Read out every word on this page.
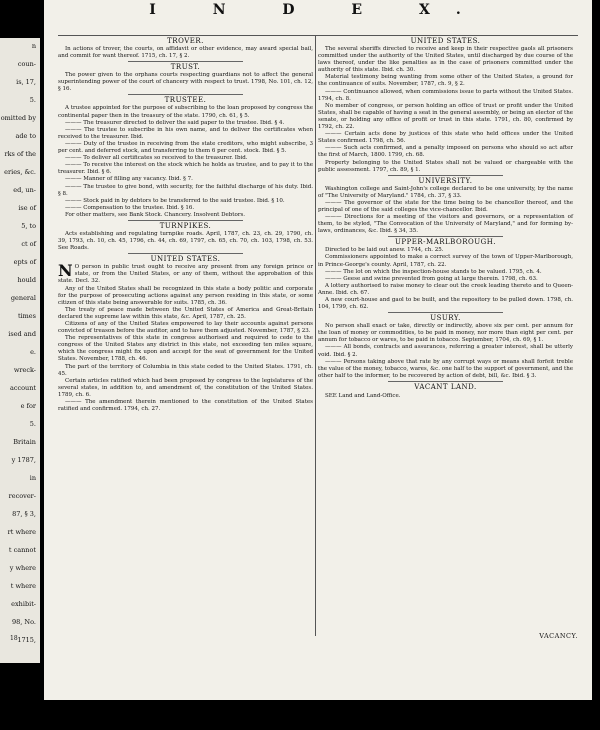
n
coun-
is, 17,
5.
omitted by
ade to
rks of the
eries, &c.
ed, un-
ise of
5, to
ct of
epts of
hould
general
times
ised and
e.
wreck-
account
e for
5.
Britain
y 1787,
in
recover-
87, § 3,
rt where
t cannot
y where
t where
exhibit-
98, No.
1715,
18
I N D E X.
TROVER.

In actions of trover, the courts, on affidavit or other evidence, may award special bail, and commit for want thereof. 1715, ch. 17, § 2.

TRUST.

The power given to the orphans courts respecting guardians not to affect the general superintending power of the court of chancery with respect to trust. 1798, No. 101, ch. 12, § 16.

TRUSTEE.

A trustee appointed for the purpose of subscribing to the loan proposed by congress the continental paper then in the treasury of the state. 1790, ch. 61, § 5.

——— The treasurer directed to deliver the said paper to the trustee. Ibid. § 4.

——— The trustee to subscribe in his own name, and to deliver the certificates when received to the treasurer. Ibid.

——— Duty of the trustee in receiving from the state creditors, who might subscribe, 3 per cent. and deferred stock, and transferring to them 6 per cent. stock. Ibid. § 5.

——— To deliver all certificates so received to the treasurer. Ibid.

——— To receive the interest on the stock which he holds as trustee, and to pay it to the treasurer. Ibid. § 6.

——— Manner of filling any vacancy. Ibid. § 7.

——— The trustee to give bond, with security, for the faithful discharge of his duty. Ibid. § 8.

——— Stock paid in by debtors to be transferred to the said trustee. Ibid. § 10.

——— Compensation to the trustee. Ibid. § 16.

For other matters, see Bank Stock. Chancery. Insolvent Debtors.

TURNPIKES.

Acts establishing and regulating turnpike roads. April, 1787, ch. 23, ch. 29, 1790, ch. 39, 1793, ch. 10, ch. 45, 1796, ch. 44, ch. 69, 1797, ch. 65, ch. 70, ch. 103, 1798, ch. 53. See Roads.

UNITED STATES.

N O person in public trust ought to receive any present from any foreign prince or state, or from the United States, or any of them, without the approbation of this state. Decl. 32.

Any of the United States shall be recognized in this state a body politic and corporate for the purpose of prosecuting actions against any person residing in this state, or some citizen of this state being answerable for suits. 1785, ch. 36.

The treaty of peace made between the United States of America and Great-Britain declared the supreme law within this state, &c. April, 1787, ch. 25.

Citizens of any of the United States empowered to lay their accounts against persons convicted of treason before the auditor, and to have them adjusted. November, 1787, § 23.

The representatives of this state in congress authorised and required to cede to the congress of the United States any district in this state, not exceeding ten miles square, which the congress might fix upon and accept for the seat of government for the United States. November, 1788, ch. 46.

The part of the territory of Columbia in this state ceded to the United States. 1791, ch. 45.

Certain articles ratified which had been proposed by congress to the legislatures of the several states, in addition to, and amendment of, the constitution of the United States. 1789, ch. 6.

——— The amendment therein mentioned to the constitution of the United States ratified and confirmed. 1794, ch. 27.

UNITED STATES.

The several sheriffs directed to receive and keep in their respective gaols all prisoners committed under the authority of the United States, until discharged by due course of the laws thereof, under the like penalties as in the case of prisoners committed under the authority of this state. Ibid. ch. 30.

Material testimony being wanting from some other of the United States, a ground for the continuance of suits. November, 1787, ch. 9, § 2.

——— Continuance allowed, when commissions issue to parts without the United States. 1794, ch. 8.

No member of congress, or person holding an office of trust or profit under the United States, shall be capable of having a seat in the general assembly, or being an elector of the senate, or holding any office of profit or trust in this state. 1791, ch. 80, confirmed by 1792, ch. 22.

——— Certain acts done by justices of this state who held offices under the United States confirmed. 1798, ch. 56.

——— Such acts confirmed, and a penalty imposed on persons who should so act after the first of March, 1800. 1799, ch. 68.

Property belonging to the United States shall not be valued or chargeable with the public assessment. 1797, ch. 89, § 1.

UNIVERSITY.

Washington college and Saint-John's college declared to be one university, by the name of "The University of Maryland." 1784, ch. 37, § 33.

——— The governor of the state for the time being to be chancellor thereof, and the principal of one of the said colleges the vice-chancellor. Ibid.

——— Directions for a meeting of the visitors and governors, or a representation of them, to be styled, "The Convocation of the University of Maryland," and for forming by-laws, ordinances, &c. Ibid. § 34, 35.

UPPER-MARLBOROUGH.

Directed to be laid out anew. 1744, ch. 25.

Commissioners appointed to make a correct survey of the town of Upper-Marlborough, in Prince-George's county. April, 1787, ch. 22.

——— The lot on which the inspection-house stands to be valued. 1795, ch. 4.

——— Geese and swine prevented from going at large therein. 1798, ch. 63.

A lottery authorised to raise money to clear out the creek leading thereto and to Queen-Anne. Ibid. ch. 67.

A new court-house and gaol to be built, and the repository to be pulled down. 1798, ch. 104, 1799, ch. 62.

USURY.

No person shall exact or take, directly or indirectly, above six per cent. per annum for the loan of money or commodities, to be paid in money, nor more than eight per cent. per annum for tobacco or wares, to be paid in tobacco. September, 1704, ch. 69, § 1.

——— All bonds, contracts and assurances, referring a greater interest, shall be utterly void. Ibid. § 2.

——— Persons taking above that rate by any corrupt ways or means shall forfeit treble the value of the money, tobacco, wares, &c. one half to the support of government, and the other half to the informer, to be recovered by action of debt, bill, &c. Ibid. § 3.

VACANT LAND.

SEE Land and Land-Office.

VACANCY.
